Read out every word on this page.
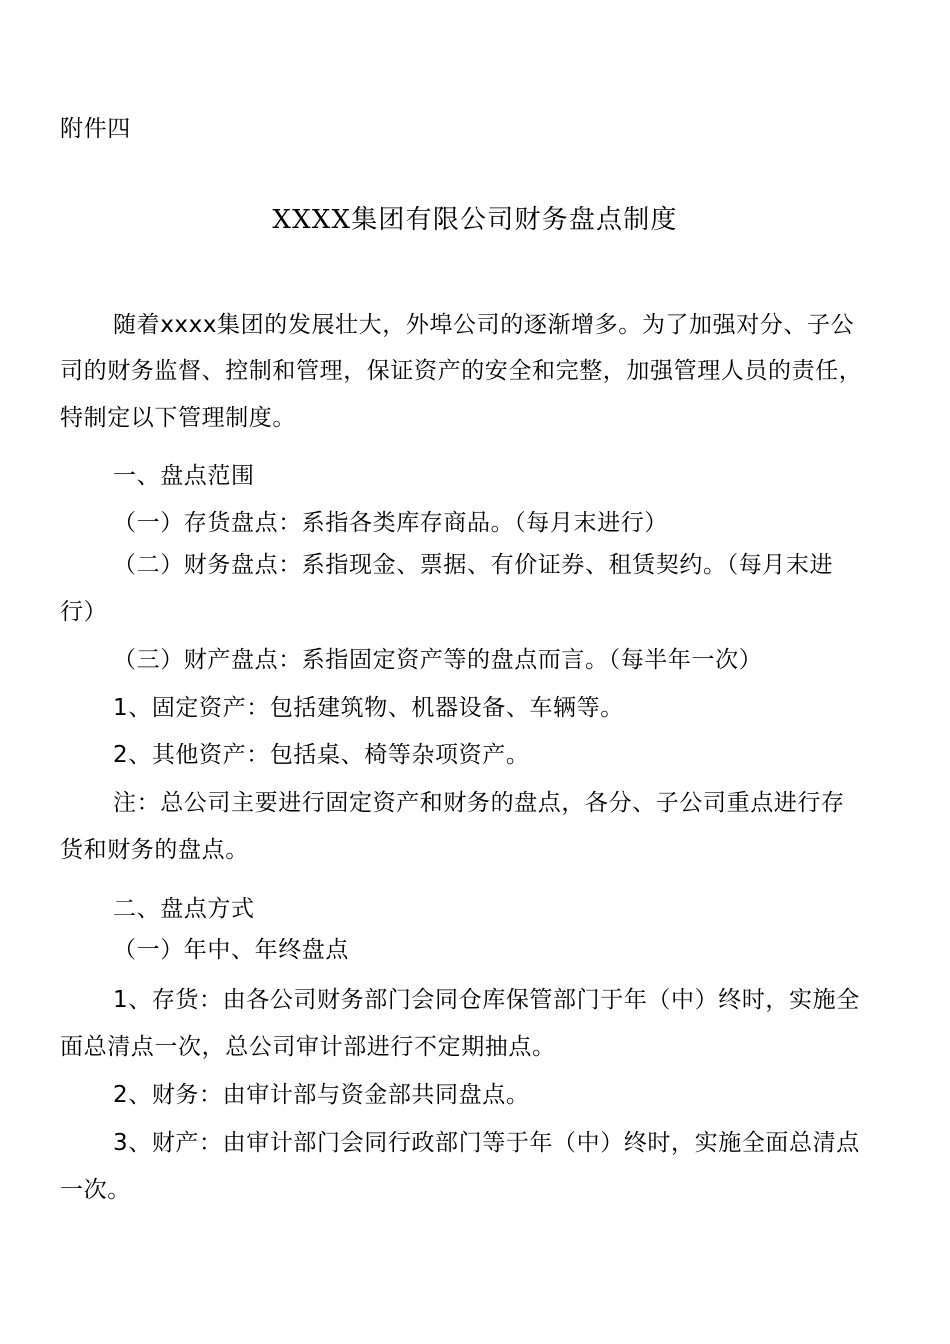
附件四
XXXX集团有限公司财务盘点制度
随着xxxx集团的发展壮大，外埠公司的逐渐增多。为了加强对分、子公
司的财务监督、控制和管理，保证资产的安全和完整，加强管理人员的责任，
特制定以下管理制度。
一、盘点范围
（一）存货盘点：系指各类库存商品。（每月末进行）
（二）财务盘点：系指现金、票据、有价证券、租赁契约。（每月末进
行）
（三）财产盘点：系指固定资产等的盘点而言。（每半年一次）
1、固定资产：包括建筑物、机器设备、车辆等。
2、其他资产：包括桌、椅等杂项资产。
注：总公司主要进行固定资产和财务的盘点，各分、子公司重点进行存
货和财务的盘点。
二、盘点方式
（一）年中、年终盘点
1、存货：由各公司财务部门会同仓库保管部门于年（中）终时，实施全
面总清点一次，总公司审计部进行不定期抽点。
2、财务：由审计部与资金部共同盘点。
3、财产：由审计部门会同行政部门等于年（中）终时，实施全面总清点
一次。
